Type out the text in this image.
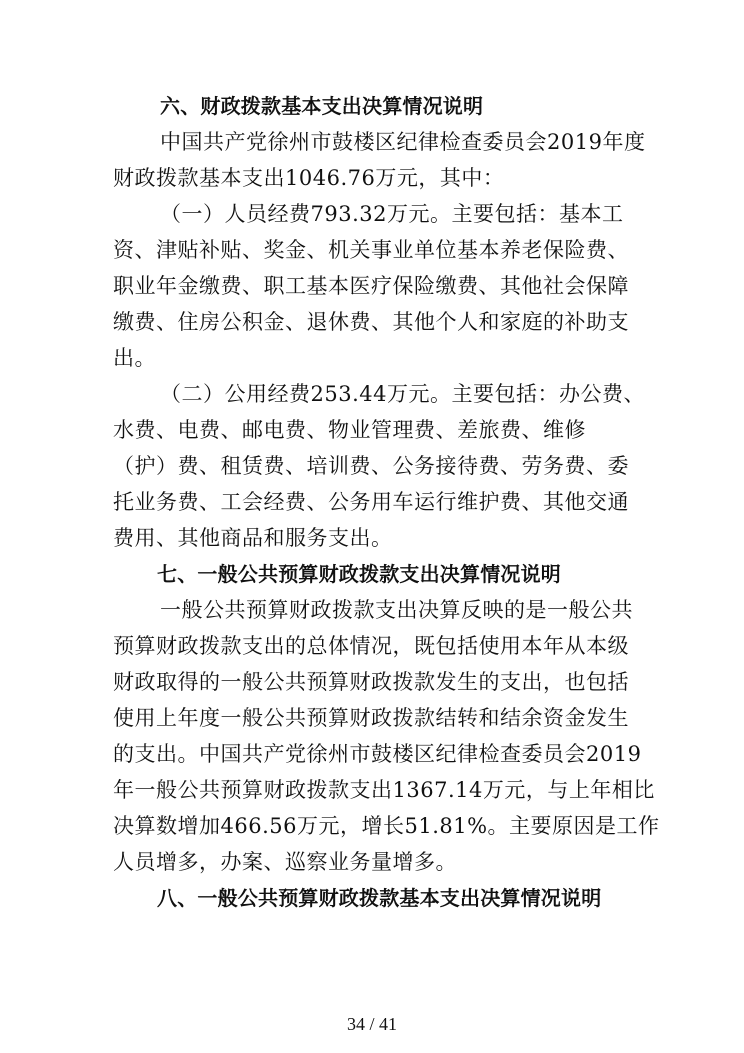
六、财政拨款基本支出决算情况说明
中国共产党徐州市鼓楼区纪律检查委员会2019年度
财政拨款基本支出1046.76万元，其中：
（一）人员经费793.32万元。主要包括：基本工
资、津贴补贴、奖金、机关事业单位基本养老保险费、
职业年金缴费、职工基本医疗保险缴费、其他社会保障
缴费、住房公积金、退休费、其他个人和家庭的补助支
出。
（二）公用经费253.44万元。主要包括：办公费、
水费、电费、邮电费、物业管理费、差旅费、维修
（护）费、租赁费、培训费、公务接待费、劳务费、委
托业务费、工会经费、公务用车运行维护费、其他交通
费用、其他商品和服务支出。
七、一般公共预算财政拨款支出决算情况说明
一般公共预算财政拨款支出决算反映的是一般公共
预算财政拨款支出的总体情况，既包括使用本年从本级
财政取得的一般公共预算财政拨款发生的支出，也包括
使用上年度一般公共预算财政拨款结转和结余资金发生
的支出。中国共产党徐州市鼓楼区纪律检查委员会2019
年一般公共预算财政拨款支出1367.14万元，与上年相比
决算数增加466.56万元，增长51.81%。主要原因是工作
人员增多，办案、巡察业务量增多。
八、一般公共预算财政拨款基本支出决算情况说明
34 / 41
